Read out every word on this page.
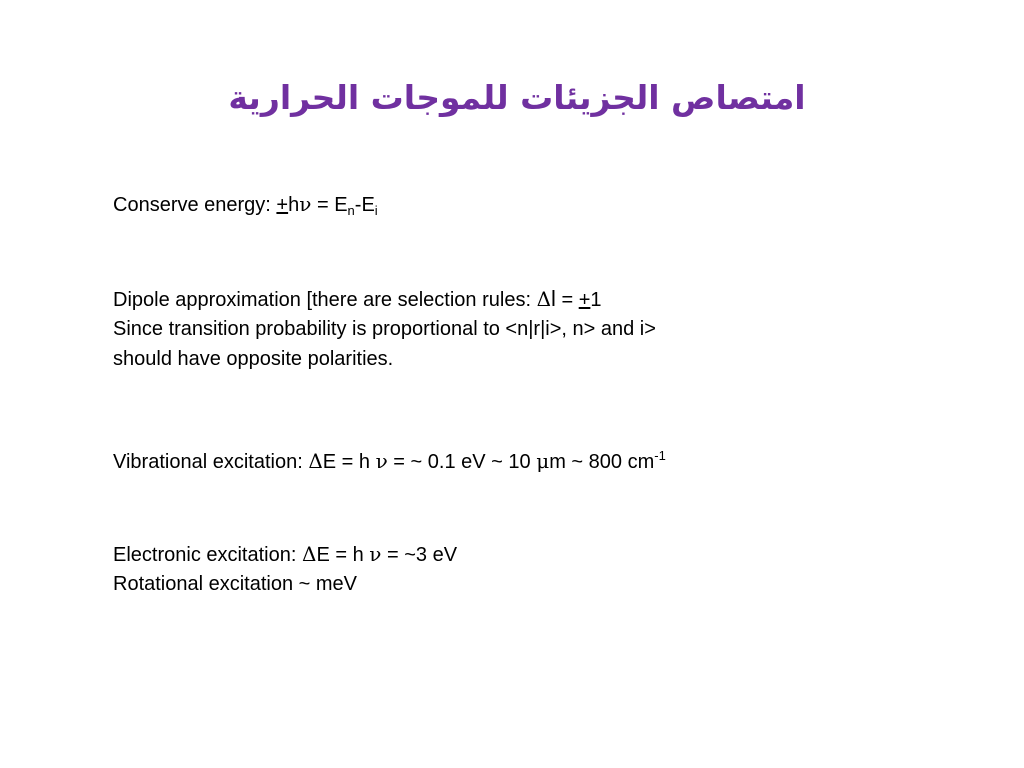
امتصاص الجزيئات للموجات الحرارية
Conserve energy: $+h\nu = E_n-E_i$
Dipole approximation [there are selection rules: Δl = +1
Since transition probability is proportional to <n|r|i>, n> and i>
should have opposite polarities.
Vibrational excitation: ΔE = h ν = ~ 0.1 eV ~ 10 μm ~ 800 $cm^{-1}$
Electronic excitation: ΔE = h ν = ~3 eV
Rotational excitation ~ meV
